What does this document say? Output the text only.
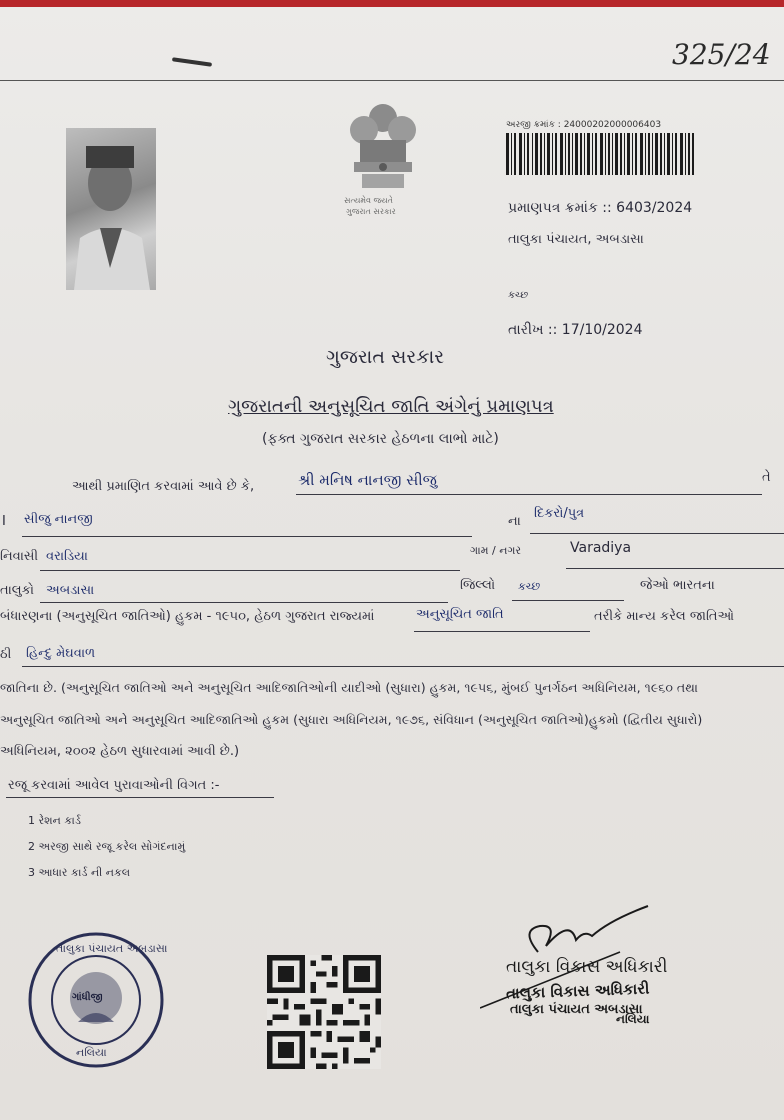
325/24
સત્યમેવ જયતે
ગુજરાત સરકાર
અરજી ક્રમાંક : 24000202000006403
પ્રમાણપત્ર ક્રમાંક :: 6403/2024
તાલુકા પંચાયત, અબડાસા
કચ્છ
તારીખ :: 17/10/2024
ગુજરાત સરકાર
ગુજરાતની અનુસૂચિત જાતિ અંગેનું પ્રમાણપત્ર
(ફક્ત ગુજરાત સરકાર હેઠળના લાભો માટે)
આથી પ્રમાણિત કરવામાં આવે છે કે,	શ્રી મનિષ નાનજી સીજુ	તે
I સીજુ નાનજી	ના
દિકરો/પુત્ર
નિવાસી વરાડિયા	ગામ / નગર	Varadiya
તાલુકો અબડાસા	જિલ્લો કચ્છ	જેઓ ભારતના
બંધારણના (અનુસૂચિત જાતિઓ) હુકમ - ૧૯૫૦, હેઠળ ગુજરાત રાજ્યમાં	અનુસૂચિત જાતિ	તરીકે માન્ય કરેલ જાતિઓ
ઠી હિન્દુ મેઘવાળ
જાતિના છે. (અનુસૂચિત જાતિઓ અને અનુસૂચિત આદિજાતિઓની યાદીઓ (સુધારા) હુકમ, ૧૯૫૬, મુંબઈ પુનર્ગઠન અધિનિયમ, ૧૯૬૦ તથા
અનુસૂચિત જાતિઓ અને અનુસૂચિત આદિજાતિઓ હુકમ (સુધારા અધિનિયમ, ૧૯૭૬, સંવિધાન (અનુસૂચિત જાતિઓ)હુકમો (દ્વિતીય સુધારો)
અધિનિયમ, ૨૦૦૨ હેઠળ સુધારવામાં આવી છે.)
રજૂ કરવામાં આવેલ પુરાવાઓની વિગત :-
1 રેશન કાર્ડ
2 અરજી સાથે રજૂ કરેલ સોગંદનામું
3 આધાર કાર્ડ ની નકલ
તાલુકા પંચાયત અબડાસા
ગાંધીજી
નલિયા
તાલુકા વિકાસ અધિકારી
તાલુકા વિકાસ અધિકારી
તાલુકા પંચાયત અબડાસા
નલિયા
